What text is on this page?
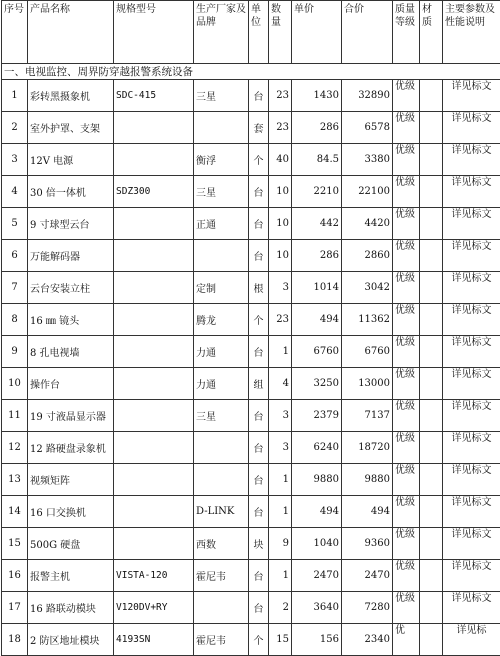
序号	产品名称	规格型号	生产厂家及品牌	单位	数量	单价	合价	质量等级	材质	主要参数及性能说明
一、电视监控、周界防穿越报警系统设备										
1	彩转黑摄象机	SDC-415	三星	台	23	1430	32890	优级		详见标文
2	室外护罩、支架			套	23	286	6578	优级		详见标文
3	12V 电源		衡浮	个	40	84.5	3380	优级		详见标文
4	30 倍一体机	SDZ300	三星	台	10	2210	22100	优级		详见标文
5	9 寸球型云台		正通	台	10	442	4420	优级		详见标文
6	万能解码器			台	10	286	2860	优级		详见标文
7	云台安装立柱		定制	根	3	1014	3042	优级		详见标文
8	16 ㎜ 镜头		腾龙	个	23	494	11362	优级		详见标文
9	8 孔电视墙		力通	台	1	6760	6760	优级		详见标文
10	操作台		力通	组	4	3250	13000	优级		详见标文
11	19 寸液晶显示器		三星	台	3	2379	7137	优级		详见标文
12	12 路硬盘录象机			台	3	6240	18720	优级		详见标文
13	视频矩阵			台	1	9880	9880	优级		详见标文
14	16 口交换机		D-LINK	台	1	494	494	优级		详见标文
15	500G 硬盘		西数	块	9	1040	9360	优级		详见标文
16	报警主机	VISTA-120	霍尼韦	台	1	2470	2470	优级		详见标文
17	16 路联动模块	V120DV+RY		台	2	3640	7280	优级		详见标文
18	2 防区地址模块	4193SN	霍尼韦	个	15	156	2340	优		详见标
